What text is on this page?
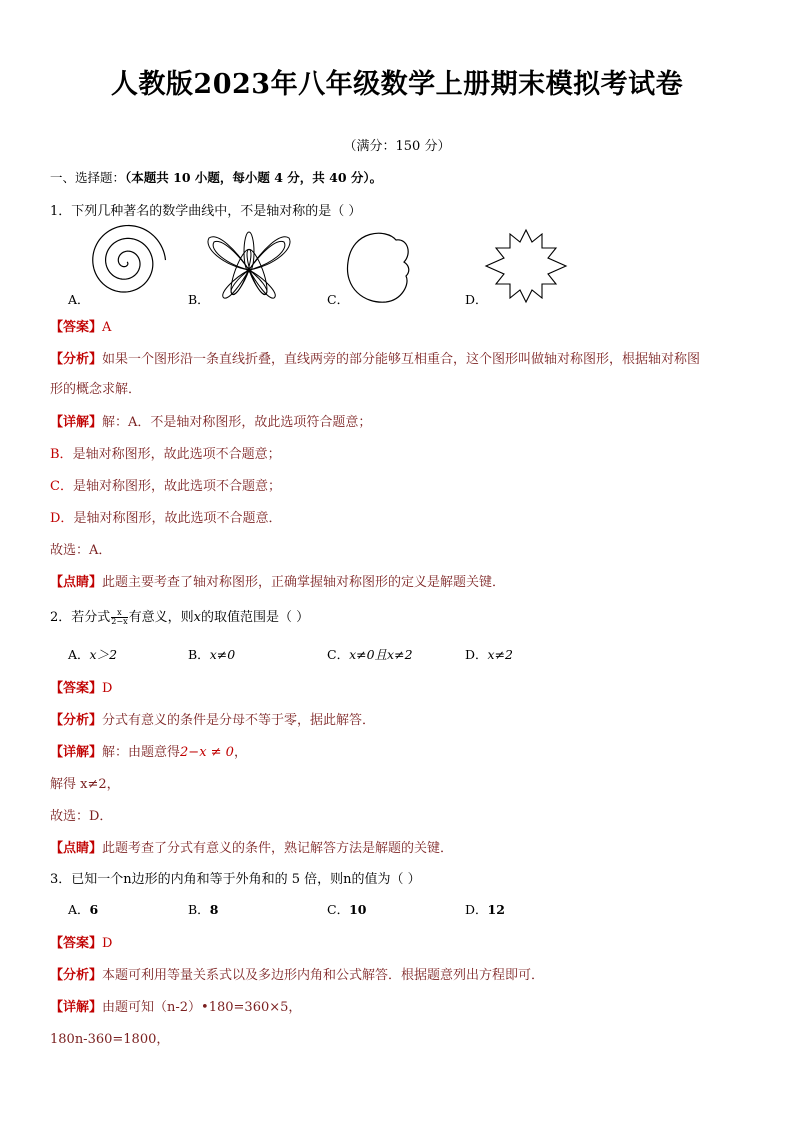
人教版2023年八年级数学上册期末模拟考试卷
（满分：150 分）
一、选择题：（本题共 10 小题，每小题 4 分，共 40 分）。
1．下列几种著名的数学曲线中，不是轴对称的是（ ）
A．	B．	C．	D．
【答案】A
【分析】如果一个图形沿一条直线折叠，直线两旁的部分能够互相重合，这个图形叫做轴对称图形，根据轴对称图
形的概念求解．
【详解】解：A．不是轴对称图形，故此选项符合题意；
B．是轴对称图形，故此选项不合题意；
C．是轴对称图形，故此选项不合题意；
D．是轴对称图形，故此选项不合题意．
故选：A．
【点睛】此题主要考查了轴对称图形，正确掌握轴对称图形的定义是解题关键．
2．若分式 $\frac{x}{2-x}$ 有意义，则x的取值范围是（ ）
A．x＞2	B．x≠0	C．x≠0且x≠2	D．x≠2
【答案】D
【分析】分式有意义的条件是分母不等于零，据此解答．
【详解】解：由题意得2−x ≠ 0，
解得 x≠2，
故选：D．
【点睛】此题考查了分式有意义的条件，熟记解答方法是解题的关键．
3．已知一个n边形的内角和等于外角和的 5 倍，则n的值为（ ）
A．6	B．8	C．10	D．12
【答案】D
【分析】本题可利用等量关系式以及多边形内角和公式解答．根据题意列出方程即可．
【详解】由题可知（n-2）•180=360×5，
180n-360=1800，
